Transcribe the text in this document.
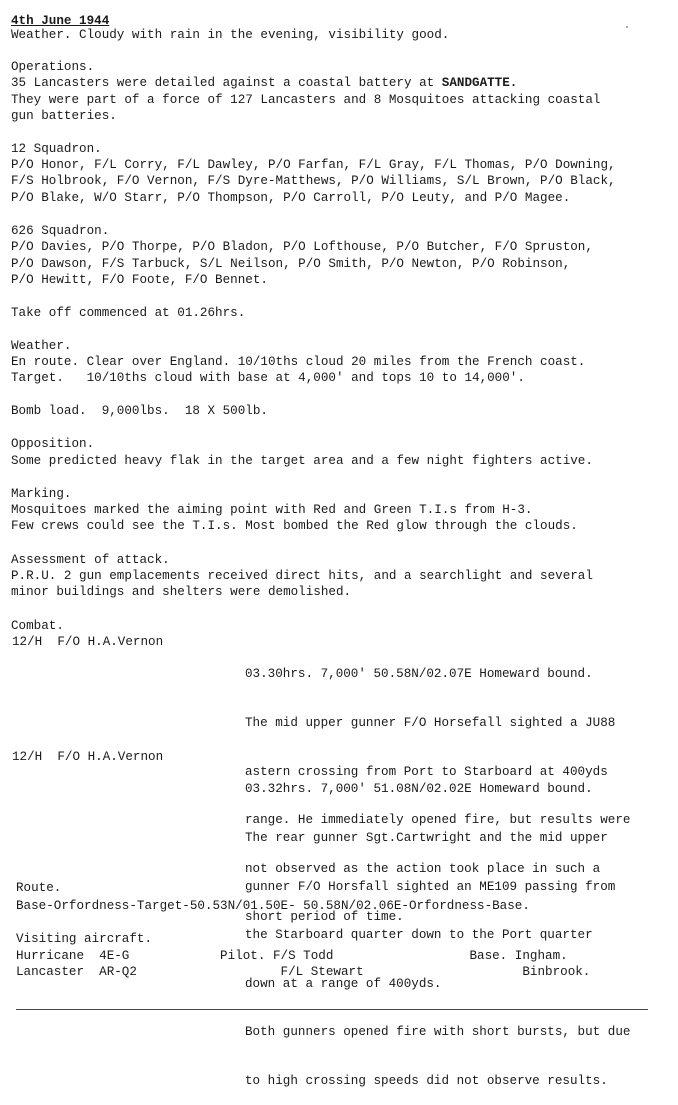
4th June 1944
Weather. Cloudy with rain in the evening, visibility good.
Operations.
35 Lancasters were detailed against a coastal battery at SANDGATTE.
They were part of a force of 127 Lancasters and 8 Mosquitoes attacking coastal
gun batteries.
12 Squadron.
P/O Honor, F/L Corry, F/L Dawley, P/O Farfan, F/L Gray, F/L Thomas, P/O Downing,
F/S Holbrook, F/O Vernon, F/S Dyre-Matthews, P/O Williams, S/L Brown, P/O Black,
P/O Blake, W/O Starr, P/O Thompson, P/O Carroll, P/O Leuty, and P/O Magee.
626 Squadron.
P/O Davies, P/O Thorpe, P/O Bladon, P/O Lofthouse, P/O Butcher, F/O Spruston,
P/O Dawson, F/S Tarbuck, S/L Neilson, P/O Smith, P/O Newton, P/O Robinson,
P/O Hewitt, F/O Foote, F/O Bennet.
Take off commenced at 01.26hrs.
Weather.
En route. Clear over England. 10/10ths cloud 20 miles from the French coast.
Target.   10/10ths cloud with base at 4,000' and tops 10 to 14,000'.
Bomb load.  9,000lbs.  18 X 500lb.
Opposition.
Some predicted heavy flak in the target area and a few night fighters active.
Marking.
Mosquitoes marked the aiming point with Red and Green T.I.s from H-3.
Few crews could see the T.I.s. Most bombed the Red glow through the clouds.
Assessment of attack.
P.R.U. 2 gun emplacements received direct hits, and a searchlight and several
minor buildings and shelters were demolished.
Combat.
12/H  F/O H.A.Vernon

03.30hrs. 7,000' 50.58N/02.07E Homeward bound.

The mid upper gunner F/O Horsefall sighted a JU88

astern crossing from Port to Starboard at 400yds

range. He immediately opened fire, but results were

not observed as the action took place in such a

short period of time.

12/H  F/O H.A.Vernon

03.32hrs. 7,000' 51.08N/02.02E Homeward bound.

The rear gunner Sgt.Cartwright and the mid upper

gunner F/O Horsfall sighted an ME109 passing from

the Starboard quarter down to the Port quarter

down at a range of 400yds.

Both gunners opened fire with short bursts, but due

to high crossing speeds did not observe results.

Route.
Base-Orfordness-Target-50.53N/01.50E- 50.58N/02.06E-Orfordness-Base.
Visiting aircraft.
Hurricane  4E-G            Pilot. F/S Todd                  Base. Ingham.
Lancaster  AR-Q2                   F/L Stewart                     Binbrook.
